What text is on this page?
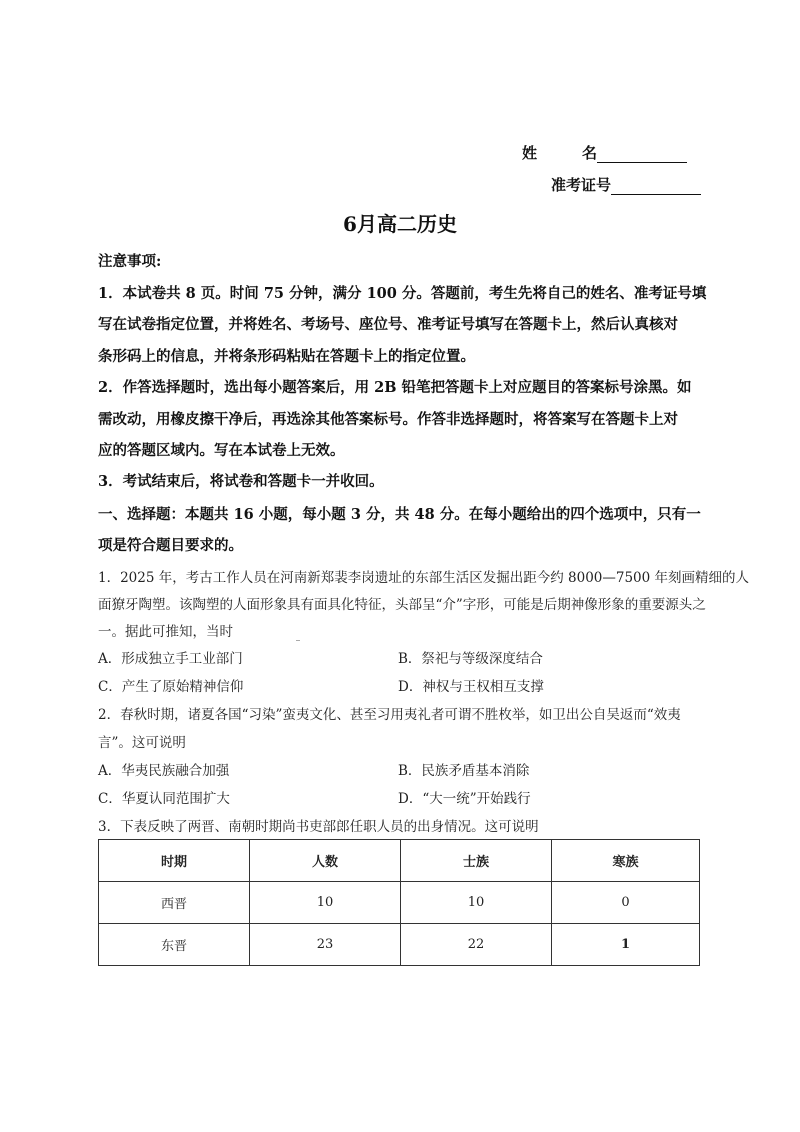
姓　　　名
准考证号
6月高二历史
注意事项:
1．本试卷共 8 页。时间 75 分钟，满分 100 分。答题前，考生先将自己的姓名、准考证号填
写在试卷指定位置，并将姓名、考场号、座位号、准考证号填写在答题卡上，然后认真核对
条形码上的信息，并将条形码粘贴在答题卡上的指定位置。
2．作答选择题时，选出每小题答案后，用 2B 铅笔把答题卡上对应题目的答案标号涂黑。如
需改动，用橡皮擦干净后，再选涂其他答案标号。作答非选择题时，将答案写在答题卡上对
应的答题区域内。写在本试卷上无效。
3．考试结束后，将试卷和答题卡一并收回。
一、选择题：本题共 16 小题，每小题 3 分，共 48 分。在每小题给出的四个选项中，只有一
项是符合题目要求的。
1．2025 年，考古工作人员在河南新郑裴李岗遗址的东部生活区发掘出距今约 8000—7500 年刻画精细的人
面獠牙陶塑。该陶塑的人面形象具有面具化特征，头部呈“介”字形，可能是后期神像形象的重要源头之
一。据此可推知，当时
A．形成独立手工业部门	B．祭祀与等级深度结合
C．产生了原始精神信仰	D．神权与王权相互支撑
2．春秋时期，诸夏各国“习染”蛮夷文化、甚至习用夷礼者可谓不胜枚举，如卫出公自吴返而“效夷
言”。这可说明
A．华夷民族融合加强	B．民族矛盾基本消除
C．华夏认同范围扩大	D．“大一统”开始践行
3．下表反映了两晋、南朝时期尚书吏部郎任职人员的出身情况。这可说明
时期	人数	士族	寒族
西晋	10	10	0
东晋	23	22	1
